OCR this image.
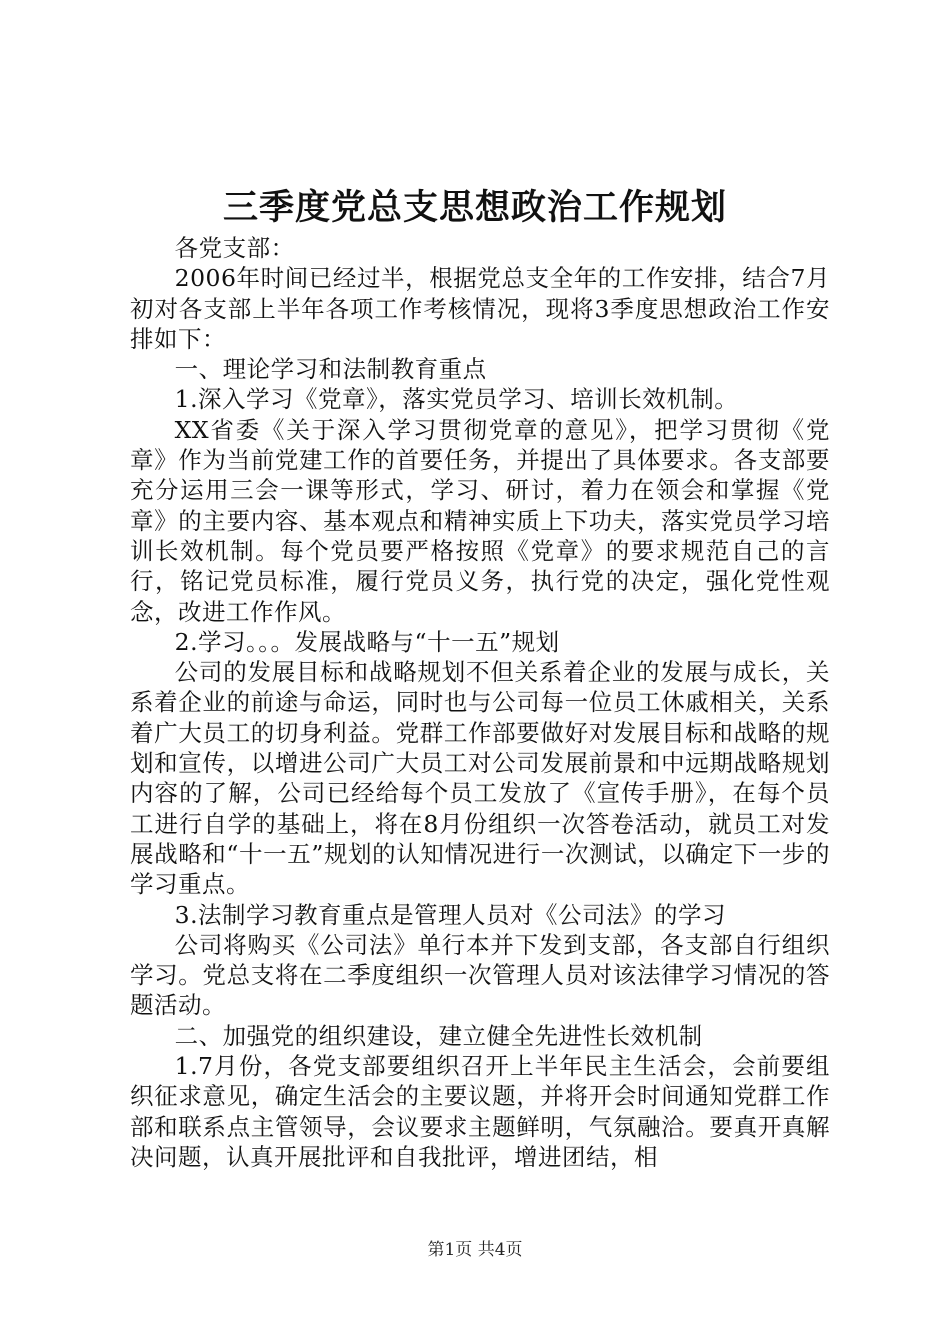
三季度党总支思想政治工作规划

各党支部：

2006年时间已经过半，根据党总支全年的工作安排，结合7月初对各支部上半年各项工作考核情况，现将3季度思想政治工作安排如下：

一、理论学习和法制教育重点

1.深入学习《党章》，落实党员学习、培训长效机制。

XX省委《关于深入学习贯彻党章的意见》，把学习贯彻《党章》作为当前党建工作的首要任务，并提出了具体要求。各支部要充分运用三会一课等形式，学习、研讨，着力在领会和掌握《党章》的主要内容、基本观点和精神实质上下功夫，落实党员学习培训长效机制。每个党员要严格按照《党章》的要求规范自己的言行，铭记党员标准，履行党员义务，执行党的决定，强化党性观念，改进工作作风。

2.学习。。。发展战略与“十一五”规划

公司的发展目标和战略规划不但关系着企业的发展与成长，关系着企业的前途与命运，同时也与公司每一位员工休戚相关，关系着广大员工的切身利益。党群工作部要做好对发展目标和战略的规划和宣传，以增进公司广大员工对公司发展前景和中远期战略规划内容的了解，公司已经给每个员工发放了《宣传手册》，在每个员工进行自学的基础上，将在8月份组织一次答卷活动，就员工对发展战略和“十一五”规划的认知情况进行一次测试，以确定下一步的学习重点。

3.法制学习教育重点是管理人员对《公司法》的学习

公司将购买《公司法》单行本并下发到支部，各支部自行组织学习。党总支将在二季度组织一次管理人员对该法律学习情况的答题活动。

二、加强党的组织建设，建立健全先进性长效机制

1.7月份，各党支部要组织召开上半年民主生活会，会前要组织征求意见，确定生活会的主要议题，并将开会时间通知党群工作部和联系点主管领导，会议要求主题鲜明，气氛融洽。要真开真解决问题，认真开展批评和自我批评，增进团结，相

第1页 共4页
